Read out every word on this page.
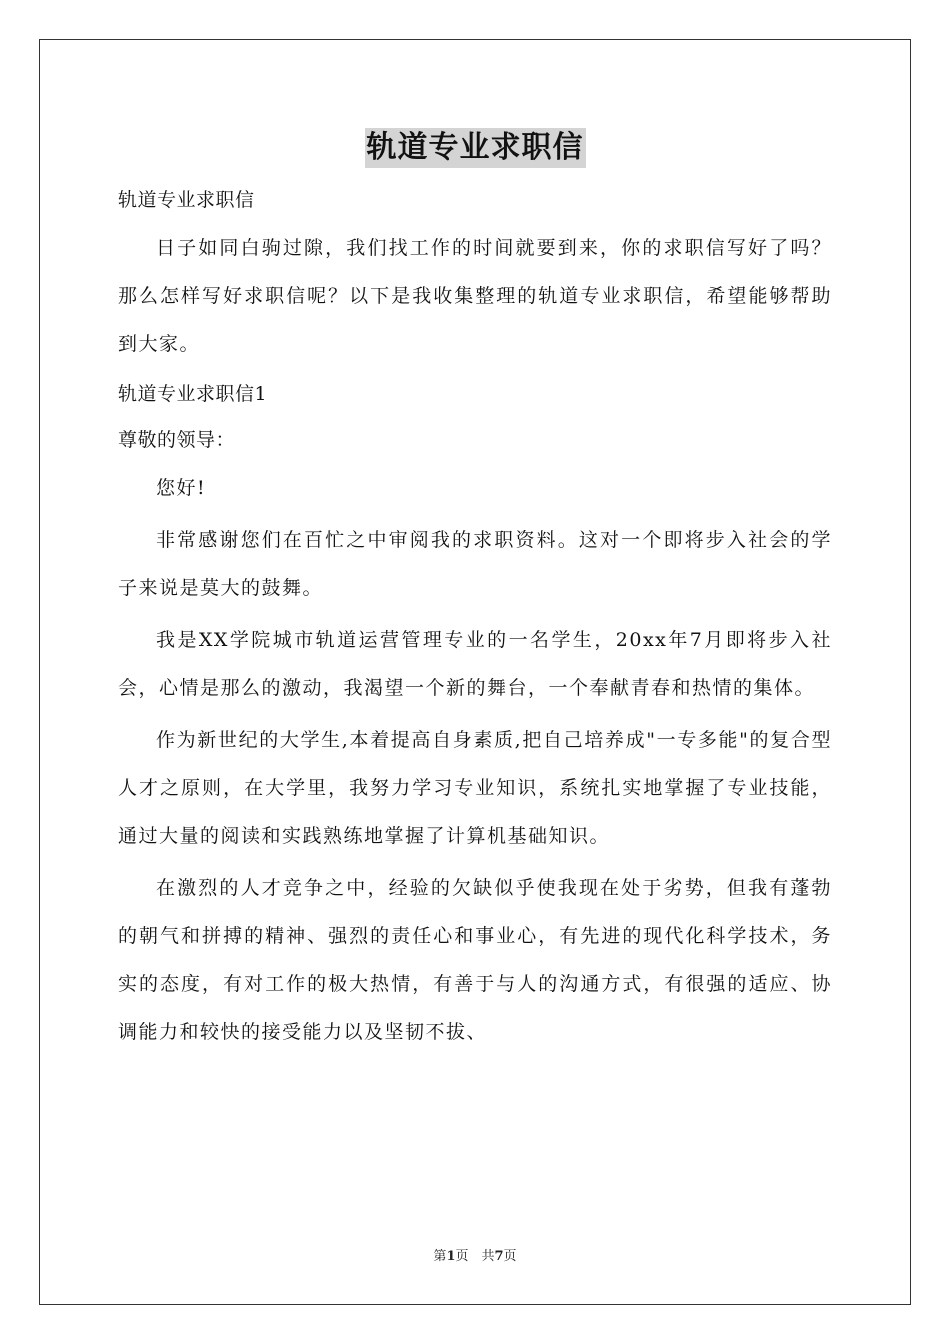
轨道专业求职信

轨道专业求职信

日子如同白驹过隙，我们找工作的时间就要到来，你的求职信写好了吗？那么怎样写好求职信呢？以下是我收集整理的轨道专业求职信，希望能够帮助到大家。

轨道专业求职信1

尊敬的领导：

您好!

非常感谢您们在百忙之中审阅我的求职资料。这对一个即将步入社会的学子来说是莫大的鼓舞。

我是XX学院城市轨道运营管理专业的一名学生，20xx年7月即将步入社会，心情是那么的激动，我渴望一个新的舞台，一个奉献青春和热情的集体。

作为新世纪的大学生,本着提高自身素质,把自己培养成"一专多能"的复合型人才之原则，在大学里，我努力学习专业知识，系统扎实地掌握了专业技能，通过大量的阅读和实践熟练地掌握了计算机基础知识。

在激烈的人才竞争之中，经验的欠缺似乎使我现在处于劣势，但我有蓬勃的朝气和拼搏的精神、强烈的责任心和事业心，有先进的现代化科学技术，务实的态度，有对工作的极大热情，有善于与人的沟通方式，有很强的适应、协调能力和较快的接受能力以及坚韧不拔、

第1页　共7页
